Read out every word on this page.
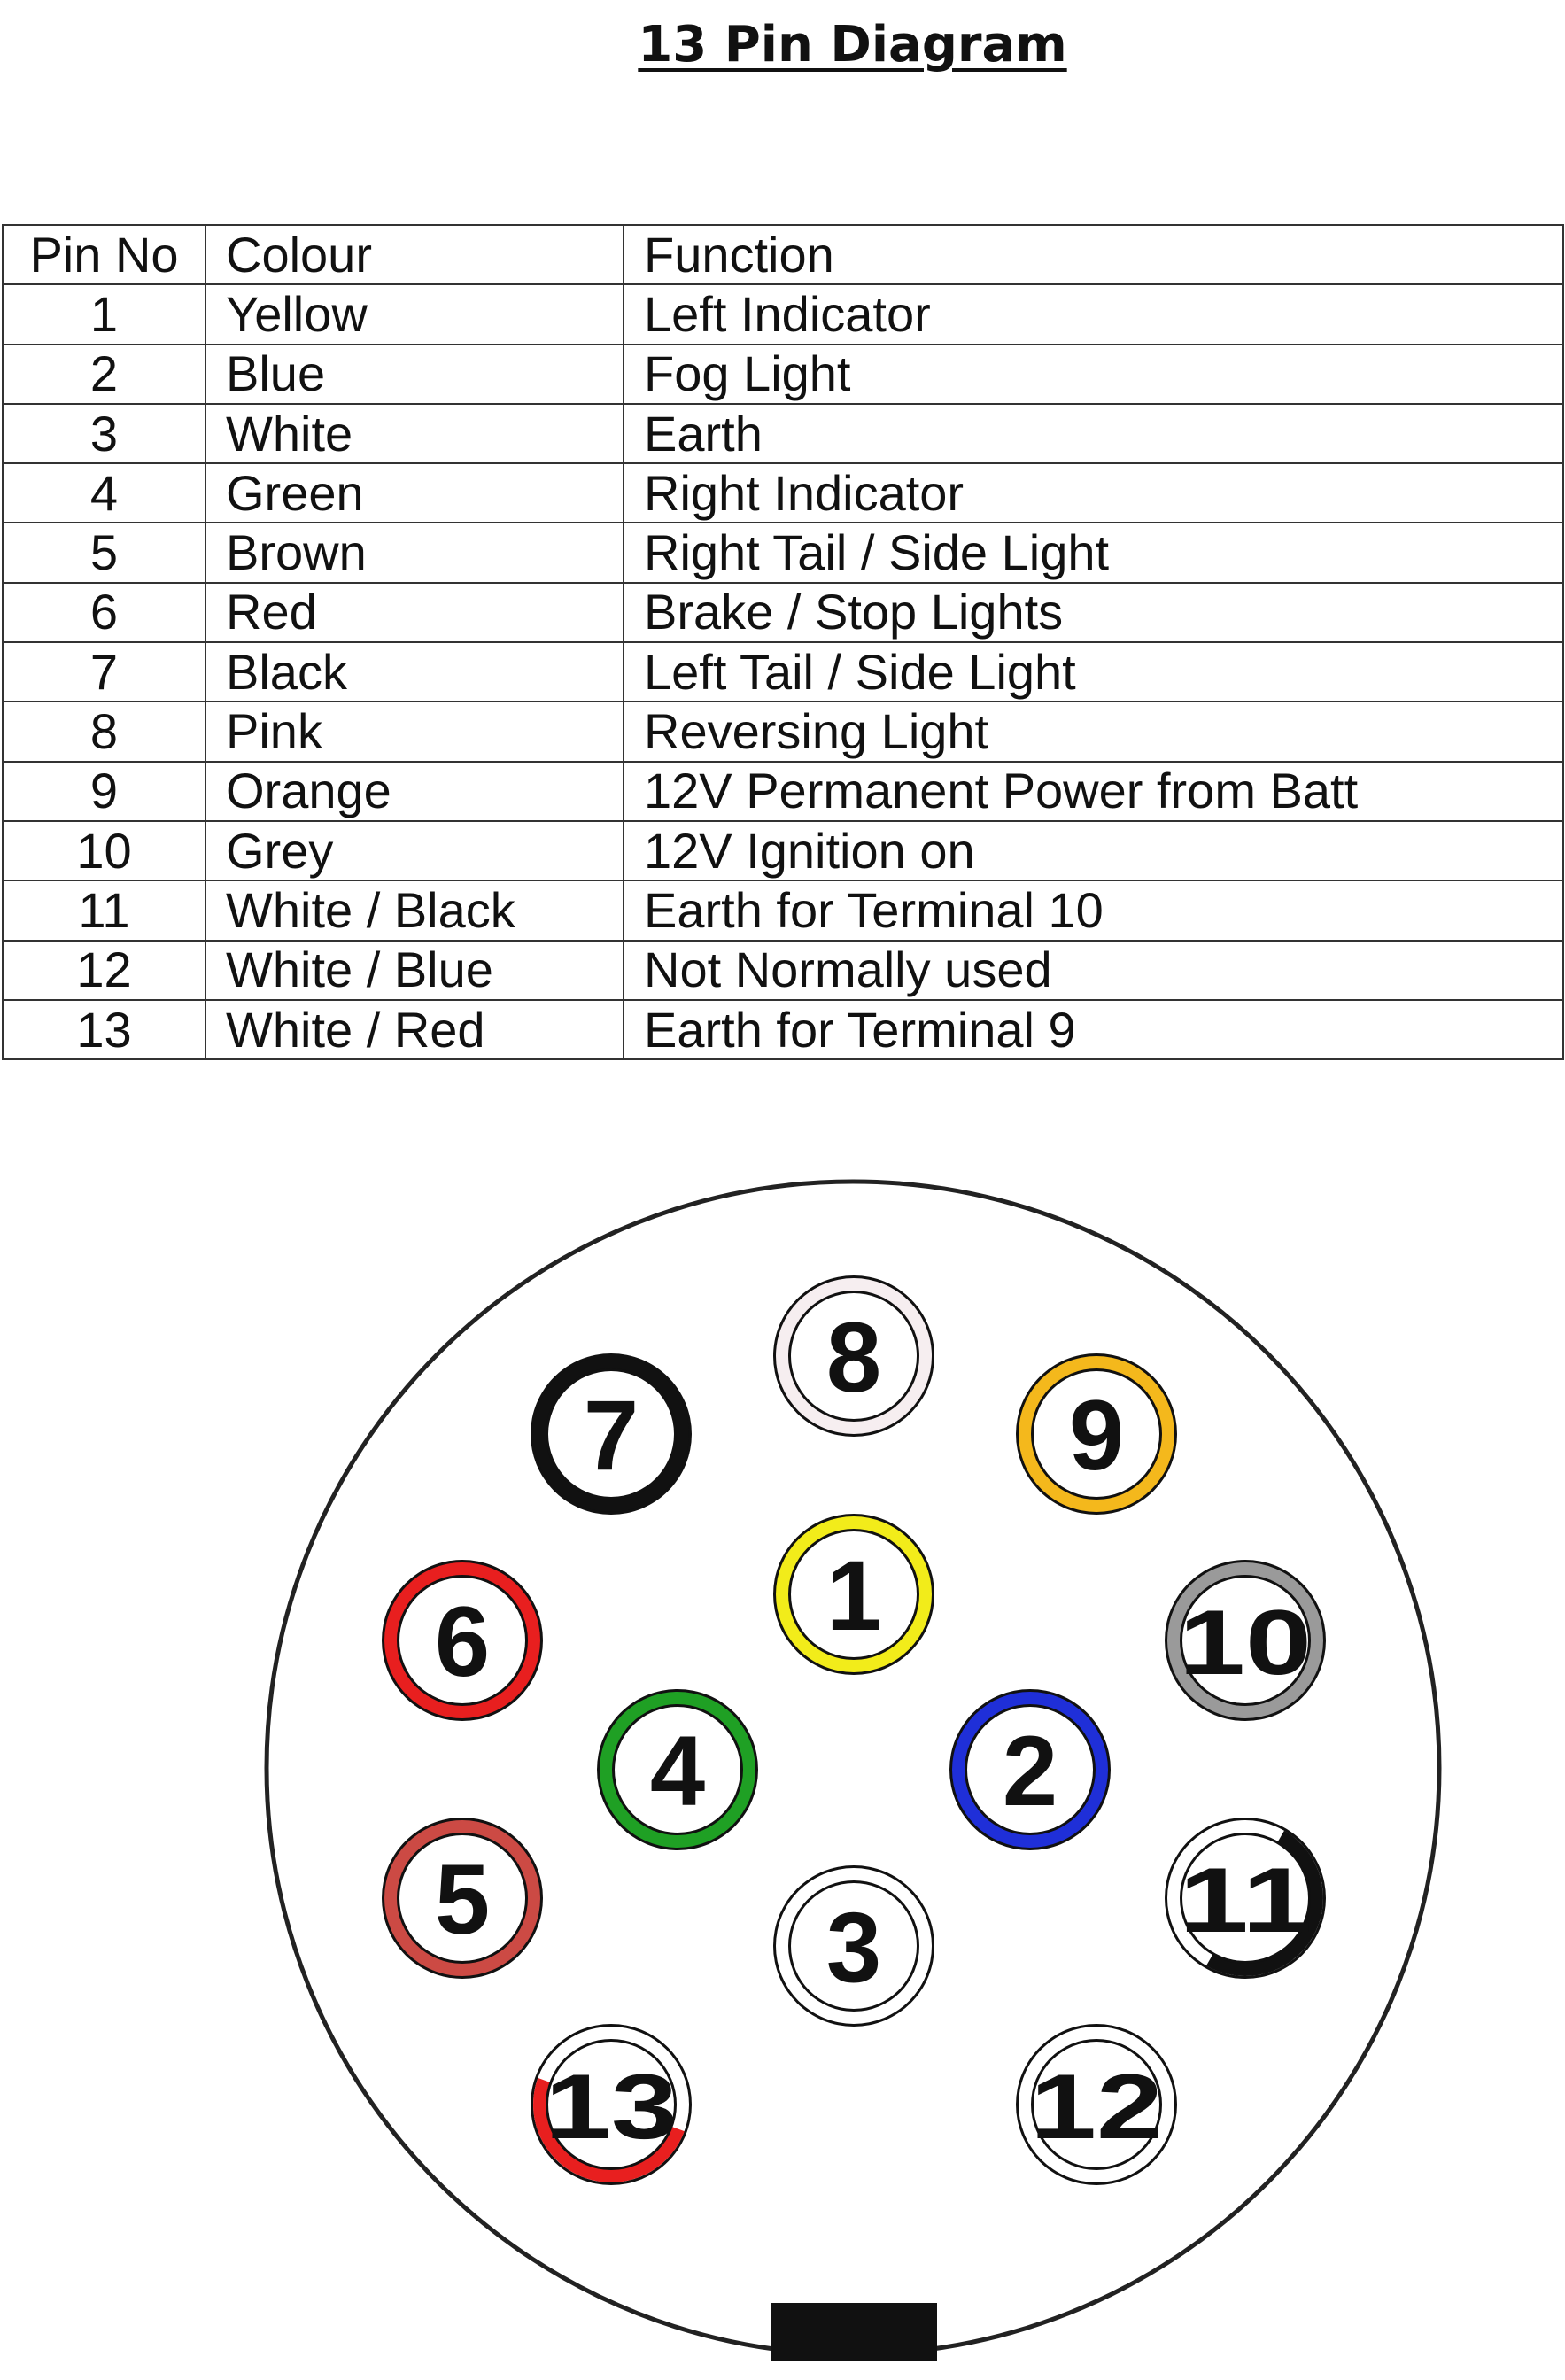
13 Pin Diagram
Pin No	Colour	Function
1	Yellow	Left Indicator
2	Blue	Fog Light
3	White	Earth
4	Green	Right Indicator
5	Brown	Right Tail / Side Light
6	Red	Brake / Stop Lights
7	Black	Left Tail / Side Light
8	Pink	Reversing Light
9	Orange	12V Permanent Power from Batt
10	Grey	12V Ignition on
11	White / Black	Earth for Terminal 10
12	White / Blue	Not Normally used
13	White / Red	Earth for Terminal 9
1
2
3
4
5
6
7
8
9
10
11
12
13
